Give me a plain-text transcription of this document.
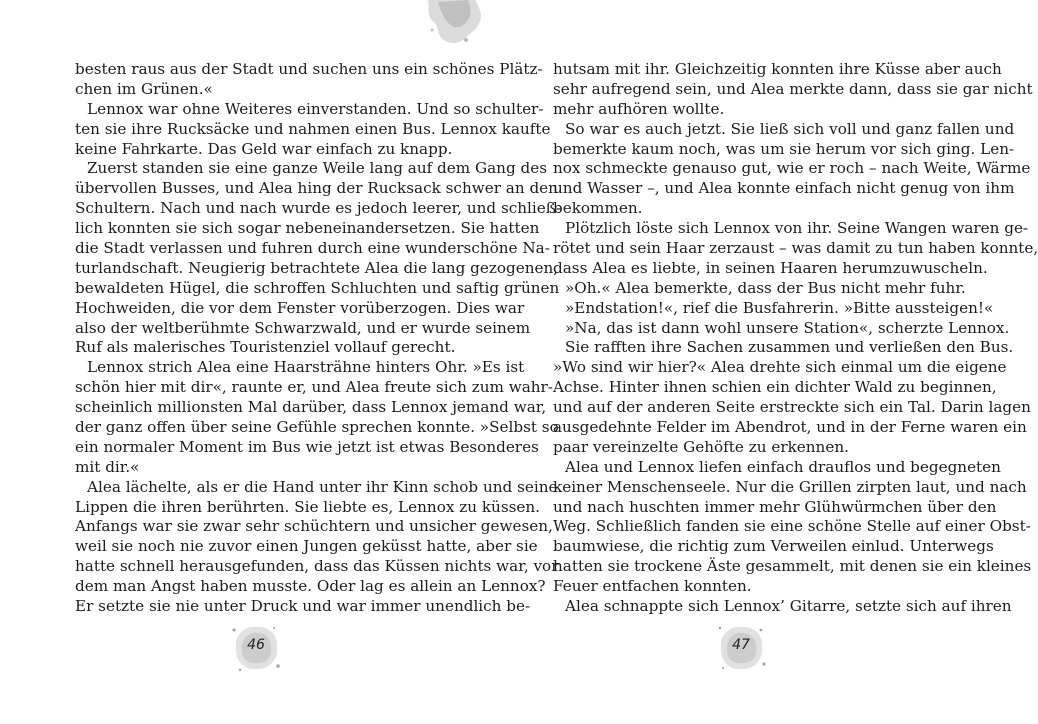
besten raus aus der Stadt und suchen uns ein schönes Plätz-
chen im Grünen.«
Lennox war ohne Weiteres einverstanden. Und so schulter-
ten sie ihre Rucksäcke und nahmen einen Bus. Lennox kaufte
keine Fahrkarte. Das Geld war einfach zu knapp.
Zuerst standen sie eine ganze Weile lang auf dem Gang des
übervollen Busses, und Alea hing der Rucksack schwer an den
Schultern. Nach und nach wurde es jedoch leerer, und schließ-
lich konnten sie sich sogar nebeneinandersetzen. Sie hatten
die Stadt verlassen und fuhren durch eine wunderschöne Na-
turlandschaft. Neugierig betrachtete Alea die lang gezogenen,
bewaldeten Hügel, die schroffen Schluchten und saftig grünen
Hochweiden, die vor dem Fenster vorüberzogen. Dies war
also der weltberühmte Schwarzwald, und er wurde seinem
Ruf als malerisches Touristenziel vollauf gerecht.
Lennox strich Alea eine Haarsträhne hinters Ohr. »Es ist
schön hier mit dir«, raunte er, und Alea freute sich zum wahr-
scheinlich millionsten Mal darüber, dass Lennox jemand war,
der ganz offen über seine Gefühle sprechen konnte. »Selbst so
ein normaler Moment im Bus wie jetzt ist etwas Besonderes
mit dir.«
Alea lächelte, als er die Hand unter ihr Kinn schob und seine
Lippen die ihren berührten. Sie liebte es, Lennox zu küssen.
Anfangs war sie zwar sehr schüchtern und unsicher gewesen,
weil sie noch nie zuvor einen Jungen geküsst hatte, aber sie
hatte schnell herausgefunden, dass das Küssen nichts war, vor
dem man Angst haben musste. Oder lag es allein an Lennox?
Er setzte sie nie unter Druck und war immer unendlich be-
hutsam mit ihr. Gleichzeitig konnten ihre Küsse aber auch
sehr aufregend sein, und Alea merkte dann, dass sie gar nicht
mehr aufhören wollte.
So war es auch jetzt. Sie ließ sich voll und ganz fallen und
bemerkte kaum noch, was um sie herum vor sich ging. Len-
nox schmeckte genauso gut, wie er roch – nach Weite, Wärme
und Wasser –, und Alea konnte einfach nicht genug von ihm
bekommen.
Plötzlich löste sich Lennox von ihr. Seine Wangen waren ge-
rötet und sein Haar zerzaust – was damit zu tun haben konnte,
dass Alea es liebte, in seinen Haaren herumzuwuscheln.
»Oh.« Alea bemerkte, dass der Bus nicht mehr fuhr.
»Endstation!«, rief die Busfahrerin. »Bitte aussteigen!«
»Na, das ist dann wohl unsere Station«, scherzte Lennox.
Sie rafften ihre Sachen zusammen und verließen den Bus.
»Wo sind wir hier?« Alea drehte sich einmal um die eigene
Achse. Hinter ihnen schien ein dichter Wald zu beginnen,
und auf der anderen Seite erstreckte sich ein Tal. Darin lagen
ausgedehnte Felder im Abendrot, und in der Ferne waren ein
paar vereinzelte Gehöfte zu erkennen.
Alea und Lennox liefen einfach drauflos und begegneten
keiner Menschenseele. Nur die Grillen zirpten laut, und nach
und nach huschten immer mehr Glühwürmchen über den
Weg. Schließlich fanden sie eine schöne Stelle auf einer Obst-
baumwiese, die richtig zum Verweilen einlud. Unterwegs
hatten sie trockene Äste gesammelt, mit denen sie ein kleines
Feuer entfachen konnten.
Alea schnappte sich Lennox’ Gitarre, setzte sich auf ihren
46	47
